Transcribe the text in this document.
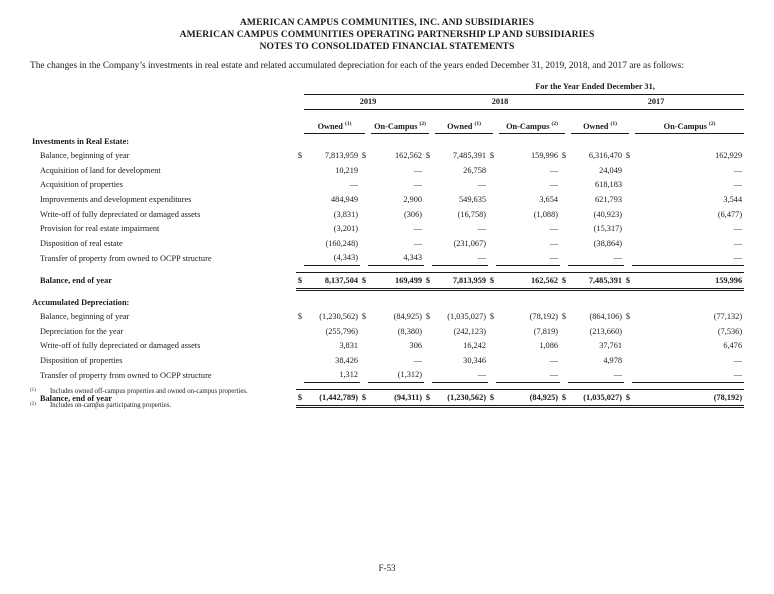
AMERICAN CAMPUS COMMUNITIES, INC. AND SUBSIDIARIES
AMERICAN CAMPUS COMMUNITIES OPERATING PARTNERSHIP LP AND SUBSIDIARIES
NOTES TO CONSOLIDATED FINANCIAL STATEMENTS
The changes in the Company’s investments in real estate and related accumulated depreciation for each of the years ended December 31, 2019, 2018, and 2017 are as follows:
	For the Year Ended December 31,											
		2019				2018				2017		

		Owned $^{(1)}$		On-Campus $^{(2)}$		Owned $^{(1)}$		On-Campus $^{(2)}$		Owned $^{(1)}$		On-Campus $^{(2)}$
Investments in Real Estate:												
Balance, beginning of year	$	7,813,959	$	162,562	$	7,485,391	$	159,996	$	6,316,470	$	162,929
Acquisition of land for development		10,219		—		26,758		—		24,049		—
Acquisition of properties		—		—		—		—		618,183		—
Improvements and development expenditures		484,949		2,900		549,635		3,654		621,793		3,544
Write-off of fully depreciated or damaged assets		(3,831)		(306)		(16,758)		(1,088)		(40,923)		(6,477)
Provision for real estate impairment		(3,201)		—		—		—		(15,317)		—
Disposition of real estate		(160,248)		—		(231,067)		—		(38,864)		—
Transfer of property from owned to OCPP structure		(4,343)		4,343		—		—		—		—

Balance, end of year	$	8,137,504	$	169,499	$	7,813,959	$	162,562	$	7,485,391	$	159,996

Accumulated Depreciation:												
Balance, beginning of year	$	(1,230,562)	$	(84,925)	$	(1,035,027)	$	(78,192)	$	(864,106)	$	(77,132)
Depreciation for the year		(255,796)		(8,380)		(242,123)		(7,819)		(213,660)		(7,536)
Write-off of fully depreciated or damaged assets		3,831		306		16,242		1,086		37,761		6,476
Disposition of properties		38,426		—		30,346		—		4,978		—
Transfer of property from owned to OCPP structure		1,312		(1,312)		—		—		—		—

Balance, end of year	$	(1,442,789)	$	(94,311)	$	(1,230,562)	$	(84,925)	$	(1,035,027)	$	(78,192)
(1) Includes owned off-campus properties and owned on-campus properties.
(2) Includes on-campus participating properties.
F-53
